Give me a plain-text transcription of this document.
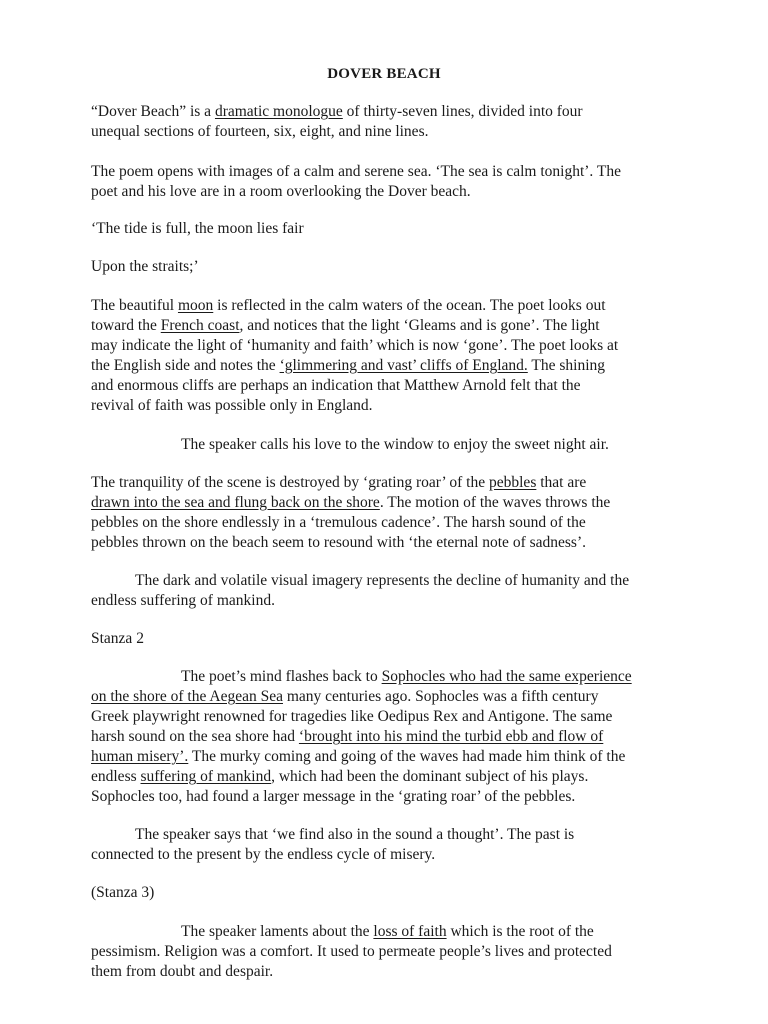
DOVER BEACH

“Dover Beach” is a dramatic monologue of thirty-seven lines, divided into four
unequal sections of fourteen, six, eight, and nine lines.

The poem opens with images of a calm and serene sea. ‘The sea is calm tonight’. The
poet and his love are in a room overlooking the Dover beach.

‘The tide is full, the moon lies fair

Upon the straits;’

The beautiful moon is reflected in the calm waters of the ocean. The poet looks out
toward the French coast, and notices that the light ‘Gleams and is gone’. The light
may indicate the light of ‘humanity and faith’ which is now ‘gone’. The poet looks at
the English side and notes the ‘glimmering and vast’ cliffs of England. The shining
and enormous cliffs are perhaps an indication that Matthew Arnold felt that the
revival of faith was possible only in England.

The speaker calls his love to the window to enjoy the sweet night air.

The tranquility of the scene is destroyed by ‘grating roar’ of the pebbles that are
drawn into the sea and flung back on the shore. The motion of the waves throws the
pebbles on the shore endlessly in a ‘tremulous cadence’. The harsh sound of the
pebbles thrown on the beach seem to resound with ‘the eternal note of sadness’.

The dark and volatile visual imagery represents the decline of humanity and the
endless suffering of mankind.

Stanza 2

The poet’s mind flashes back to Sophocles who had the same experience
on the shore of the Aegean Sea many centuries ago. Sophocles was a fifth century
Greek playwright renowned for tragedies like Oedipus Rex and Antigone. The same
harsh sound on the sea shore had ‘brought into his mind the turbid ebb and flow of
human misery’. The murky coming and going of the waves had made him think of the
endless suffering of mankind, which had been the dominant subject of his plays.
Sophocles too, had found a larger message in the ‘grating roar’ of the pebbles.

The speaker says that ‘we find also in the sound a thought’. The past is
connected to the present by the endless cycle of misery.

(Stanza 3)

The speaker laments about the loss of faith which is the root of the
pessimism. Religion was a comfort. It used to permeate people’s lives and protected
them from doubt and despair.
